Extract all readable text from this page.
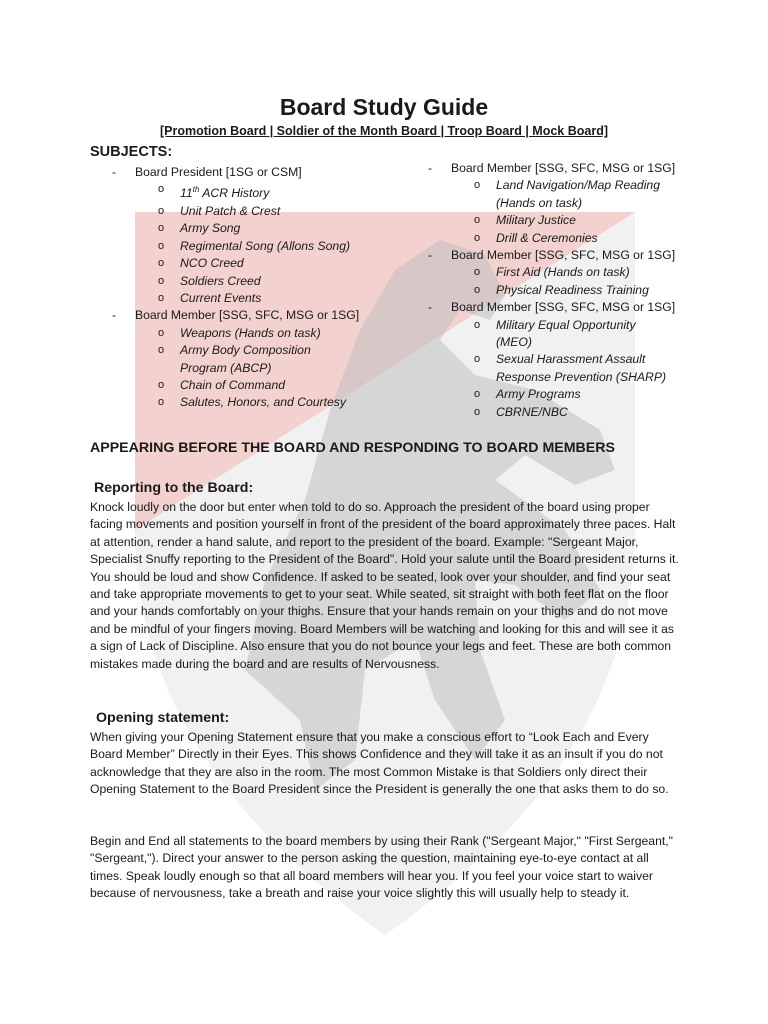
Board Study Guide
[Promotion Board | Soldier of the Month Board | Troop Board | Mock Board]
SUBJECTS:
-	Board President [1SG or CSM]
o	11th ACR History
o	Unit Patch & Crest
o	Army Song
o	Regimental Song (Allons Song)
o	NCO Creed
o	Soldiers Creed
o	Current Events
-	Board Member [SSG, SFC, MSG or 1SG]
o	Weapons (Hands on task)
o	Army Body Composition Program (ABCP)
o	Chain of Command
o	Salutes, Honors, and Courtesy
-	Board Member [SSG, SFC, MSG or 1SG]
o	Land Navigation/Map Reading (Hands on task)
o	Military Justice
o	Drill & Ceremonies
-	Board Member [SSG, SFC, MSG or 1SG]
o	First Aid (Hands on task)
o	Physical Readiness Training
-	Board Member [SSG, SFC, MSG or 1SG]
o	Military Equal Opportunity (MEO)
o	Sexual Harassment Assault Response Prevention (SHARP)
o	Army Programs
o	CBRNE/NBC
APPEARING BEFORE THE BOARD AND RESPONDING TO BOARD MEMBERS
Reporting to the Board:

Knock loudly on the door but enter when told to do so. Approach the president of the board using proper facing movements and position yourself in front of the president of the board approximately three paces. Halt at attention, render a hand salute, and report to the president of the board. Example: "Sergeant Major, Specialist Snuffy reporting to the President of the Board". Hold your salute until the Board president returns it. You should be loud and show Confidence. If asked to be seated, look over your shoulder, and find your seat and take appropriate movements to get to your seat. While seated, sit straight with both feet flat on the floor and your hands comfortably on your thighs. Ensure that your hands remain on your thighs and do not move and be mindful of your fingers moving. Board Members will be watching and looking for this and will see it as a sign of Lack of Discipline. Also ensure that you do not bounce your legs and feet. These are both common mistakes made during the board and are results of Nervousness.

Opening statement:

When giving your Opening Statement ensure that you make a conscious effort to “Look Each and Every Board Member” Directly in their Eyes. This shows Confidence and they will take it as an insult if you do not acknowledge that they are also in the room. The most Common Mistake is that Soldiers only direct their Opening Statement to the Board President since the President is generally the one that asks them to do so.

Begin and End all statements to the board members by using their Rank ("Sergeant Major," "First Sergeant," "Sergeant,"). Direct your answer to the person asking the question, maintaining eye-to-eye contact at all times. Speak loudly enough so that all board members will hear you. If you feel your voice start to waiver because of nervousness, take a breath and raise your voice slightly this will usually help to steady it.
